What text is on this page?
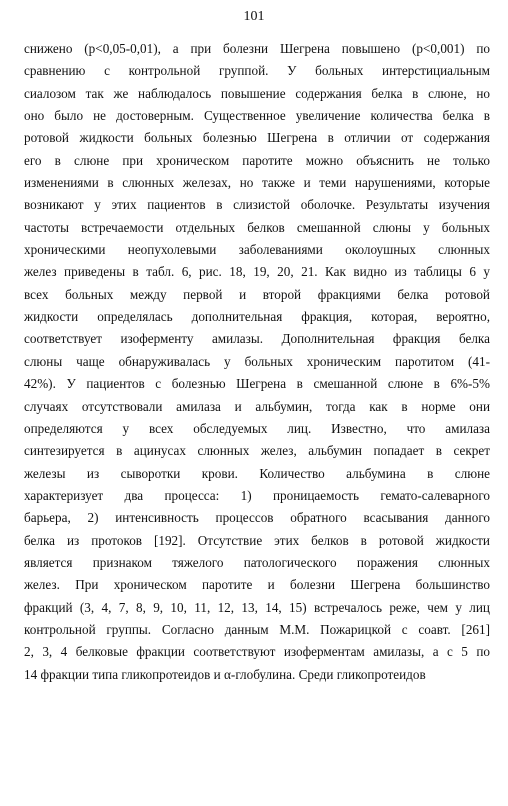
101
снижено (р<0,05-0,01), а при болезни Шегрена повышено (р<0,001) по
сравнению с контрольной группой. У больных интерстициальным
сиалозом так же наблюдалось повышение содержания белка в слюне, но
оно было не достоверным. Существенное увеличение количества белка в
ротовой жидкости больных болезнью Шегрена в отличии от содержания
его в слюне при хроническом паротите можно объяснить не только
изменениями в слюнных железах, но также и теми нарушениями, которые
возникают у этих пациентов в слизистой оболочке. Результаты изучения
частоты встречаемости отдельных белков смешанной слюны у больных
хроническими неопухолевыми заболеваниями околоушных слюнных
желез приведены в табл. 6, рис. 18, 19, 20, 21. Как видно из таблицы 6 у
всех больных между первой и второй фракциями белка ротовой
жидкости определялась дополнительная фракция, которая, вероятно,
соответствует изоферменту амилазы. Дополнительная фракция белка
слюны чаще обнаруживалась у больных хроническим паротитом (41-
42%). У пациентов с болезнью Шегрена в смешанной слюне в 6%-5%
случаях отсутствовали амилаза и альбумин, тогда как в норме они
определяются у всех обследуемых лиц. Известно, что амилаза
синтезируется в ацинусах слюнных желез, альбумин попадает в секрет
железы из сыворотки крови. Количество альбумина в слюне
характеризует два процесса: 1) проницаемость гемато-салеварного
барьера, 2) интенсивность процессов обратного всасывания данного
белка из протоков [192]. Отсутствие этих белков в ротовой жидкости
является признаком тяжелого патологического поражения слюнных
желез. При хроническом паротите и болезни Шегрена большинство
фракций (3, 4, 7, 8, 9, 10, 11, 12, 13, 14, 15) встречалось реже, чем у лиц
контрольной группы. Согласно данным М.М. Пожарицкой с соавт. [261]
2, 3, 4 белковые фракции соответствуют изоферментам амилазы, а с 5 по
14 фракции типа гликопротеидов и α-глобулина. Среди гликопротеидов
